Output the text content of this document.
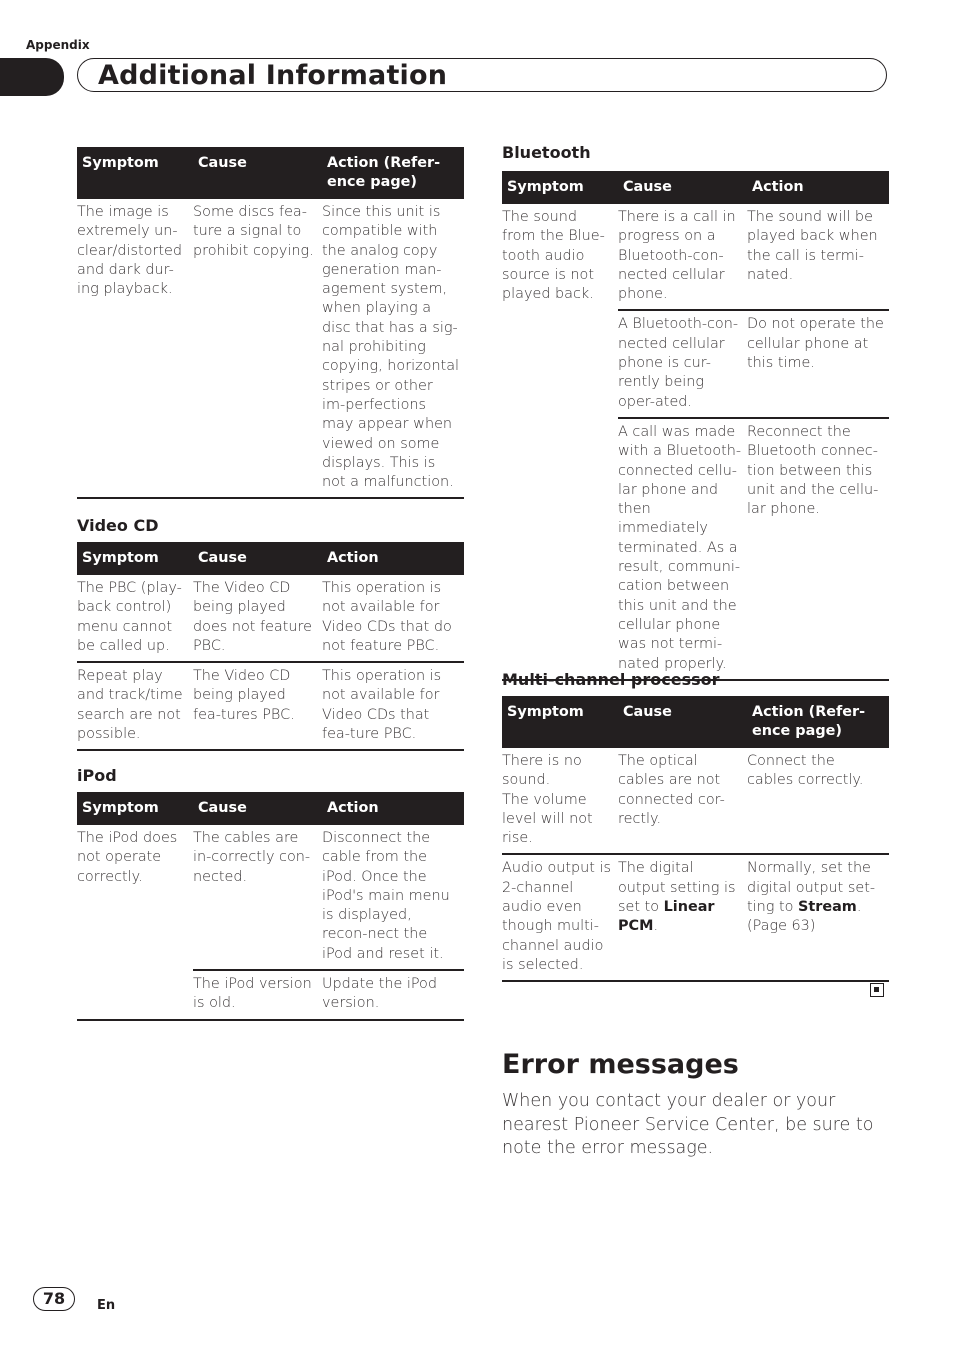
Appendix
Additional Information
Symptom	Cause	Action (Refer-ence page)
The image is extremely un-clear/distorted and dark dur-ing playback.	Some discs fea-ture a signal to prohibit copying.	Since this unit is compatible with the analog copy generation man-agement system, when playing a disc that has a sig-nal prohibiting copying, horizontal stripes or other im-perfections may appear when viewed on some displays. This is not a malfunction.
Video CD
Symptom	Cause	Action
The PBC (play-back control) menu cannot be called up.	The Video CD being played does not feature PBC.	This operation is not available for Video CDs that do not feature PBC.
Repeat play and track/time search are not possible.	The Video CD being played fea-tures PBC.	This operation is not available for Video CDs that fea-ture PBC.
iPod
Symptom	Cause	Action
The iPod does not operate correctly.	The cables are in-correctly con-nected.	Disconnect the cable from the iPod. Once the iPod's main menu is displayed, recon-nect the iPod and reset it.
	The iPod version is old.	Update the iPod version.
Bluetooth
Symptom	Cause	Action
The sound from the Blue-tooth audio source is not played back.	There is a call in progress on a Bluetooth-con-nected cellular phone.	The sound will be played back when the call is termi-nated.
	A Bluetooth-con-nected cellular phone is cur-rently being oper-ated.	Do not operate the cellular phone at this time.
	A call was made with a Bluetooth-connected cellu-lar phone and then immediately terminated. As a result, communi-cation between this unit and the cellular phone was not termi-nated properly.	Reconnect the Bluetooth connec-tion between this unit and the cellu-lar phone.
Multi-channel processor
Symptom	Cause	Action (Refer-ence page)

There is no sound.
The volume level will not rise.	The optical cables are not connected cor-rectly.	Connect the cables correctly.
Audio output is 2-channel audio even though multi-channel audio is selected.	The digital output setting is set to Linear PCM.	Normally, set the digital output set-ting to Stream.
(Page 63)
Error messages

When you contact your dealer or your nearest Pioneer Service Center, be sure to note the error message.

78	En
